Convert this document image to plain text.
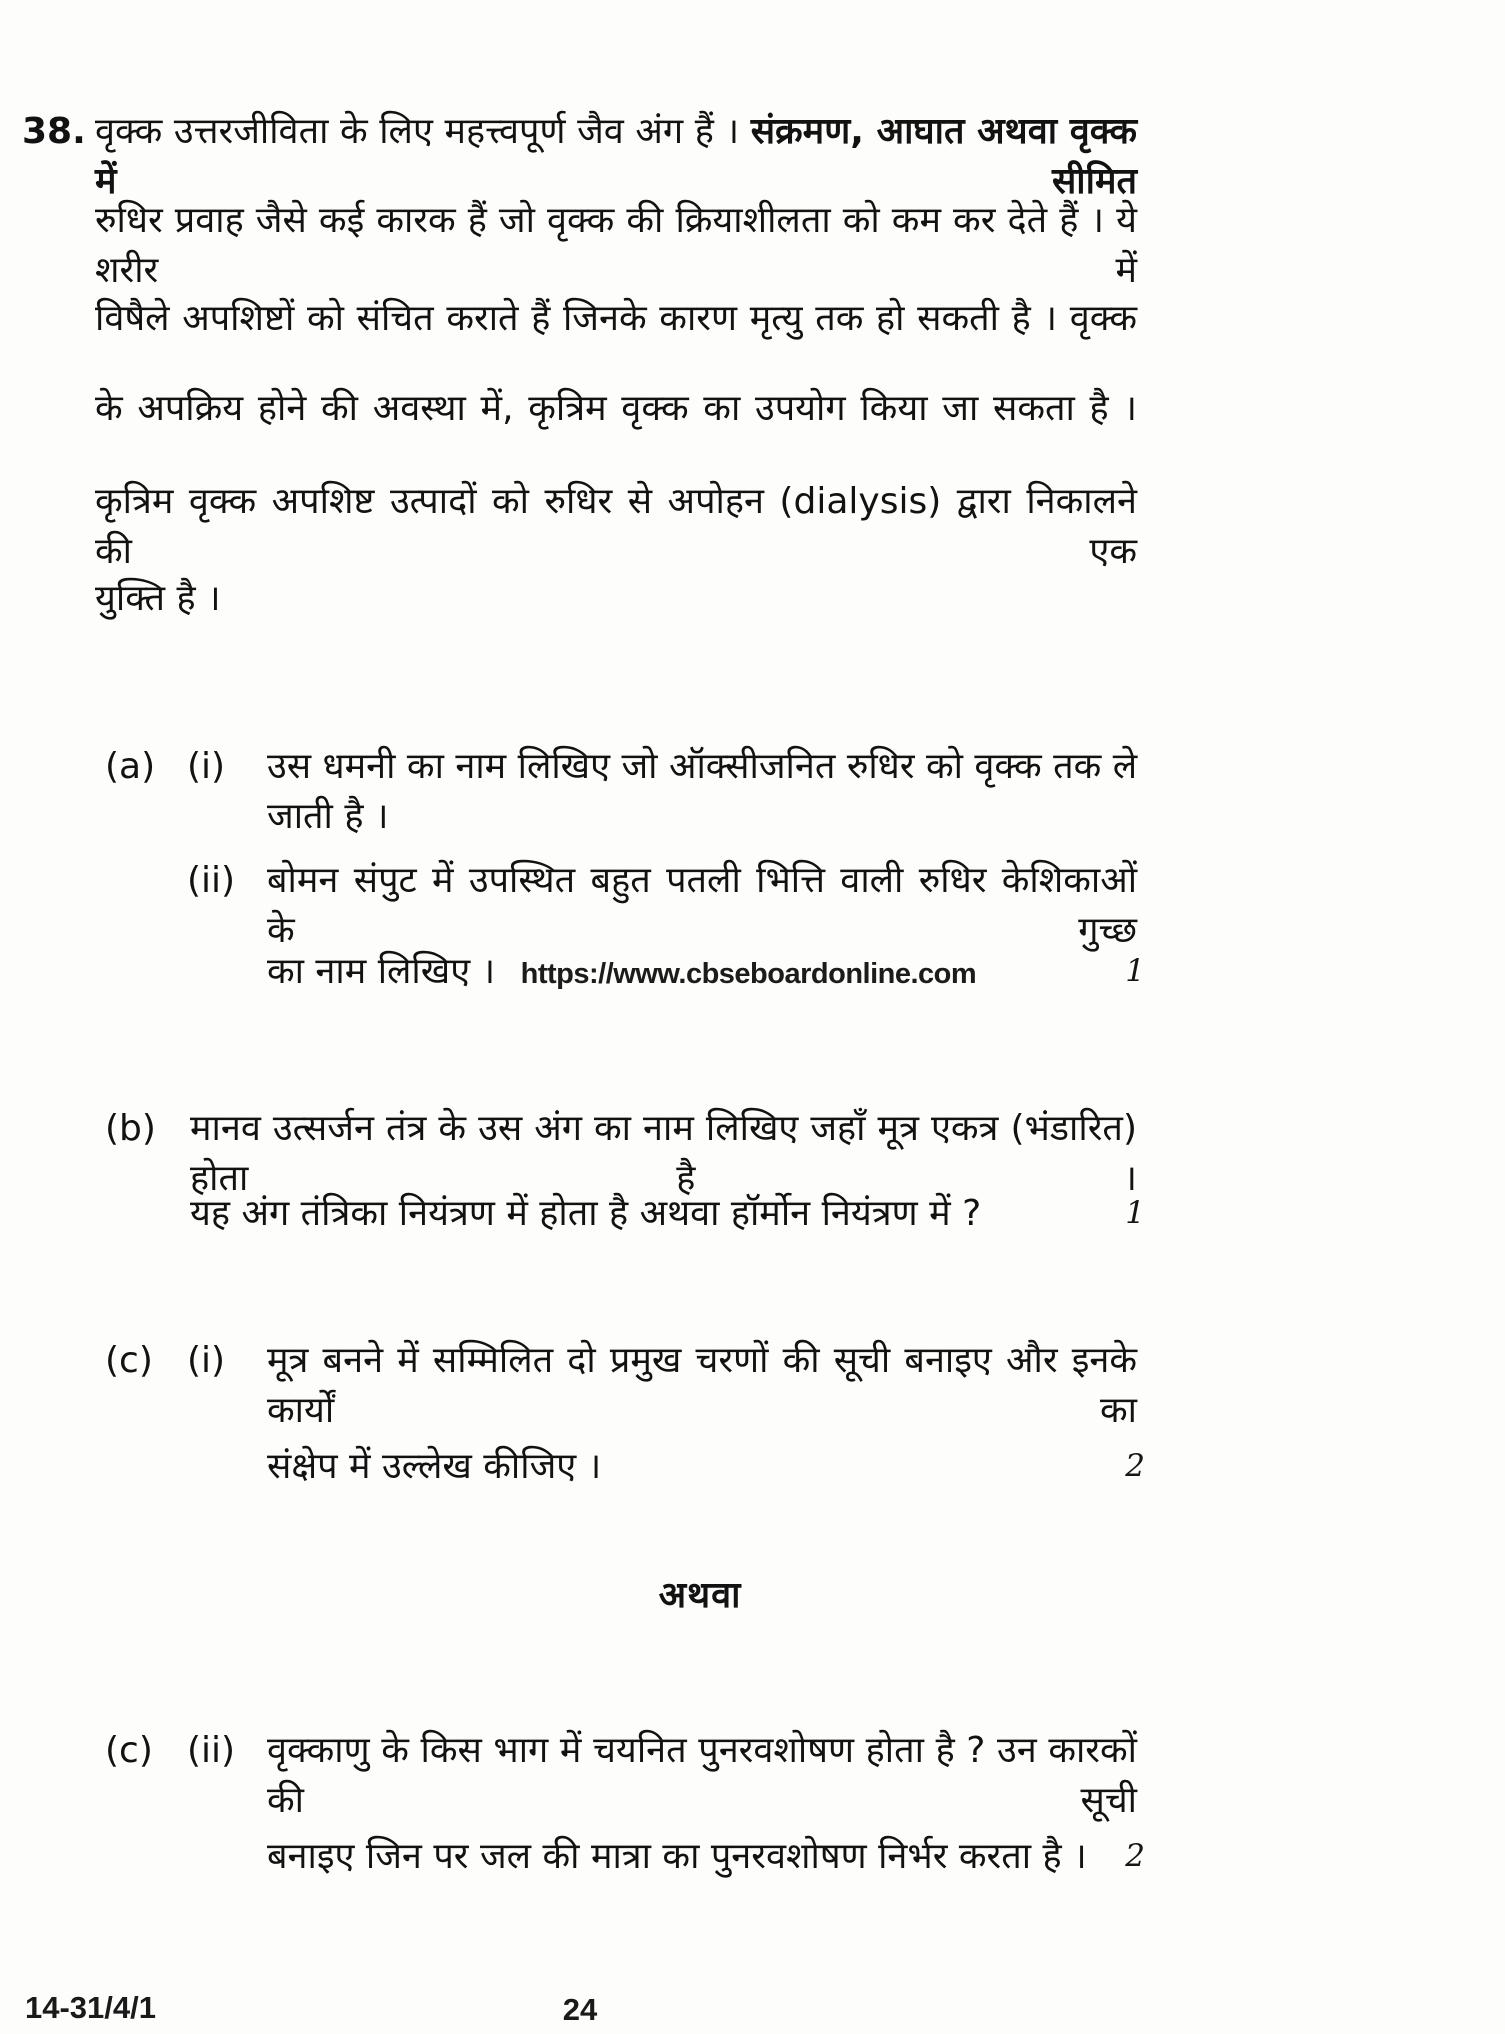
38. वृक्क उत्तरजीविता के लिए महत्त्वपूर्ण जैव अंग हैं । संक्रमण, आघात अथवा वृक्क में सीमित
रुधिर प्रवाह जैसे कई कारक हैं जो वृक्क की क्रियाशीलता को कम कर देते हैं । ये शरीर में
विषैले अपशिष्टों को संचित कराते हैं जिनके कारण मृत्यु तक हो सकती है । वृक्क
के अपक्रिय होने की अवस्था में, कृत्रिम वृक्क का उपयोग किया जा सकता है ।
कृत्रिम वृक्क अपशिष्ट उत्पादों को रुधिर से अपोहन (dialysis) द्वारा निकालने की एक
युक्ति है ।
(a) (i) उस धमनी का नाम लिखिए जो ऑक्सीजनित रुधिर को वृक्क तक ले जाती है ।
(ii) बोमन संपुट में उपस्थित बहुत पतली भित्ति वाली रुधिर केशिकाओं के गुच्छ
का नाम लिखिए । https://www.cbseboardonline.com	1
(b) मानव उत्सर्जन तंत्र के उस अंग का नाम लिखिए जहाँ मूत्र एकत्र (भंडारित) होता है ।
यह अंग तंत्रिका नियंत्रण में होता है अथवा हॉर्मोन नियंत्रण में ?	1
(c) (i) मूत्र बनने में सम्मिलित दो प्रमुख चरणों की सूची बनाइए और इनके कार्यों का
संक्षेप में उल्लेख कीजिए ।	2
अथवा
(c) (ii) वृक्काणु के किस भाग में चयनित पुनरवशोषण होता है ? उन कारकों की सूची
बनाइए जिन पर जल की मात्रा का पुनरवशोषण निर्भर करता है ।	2
14-31/4/1	24
